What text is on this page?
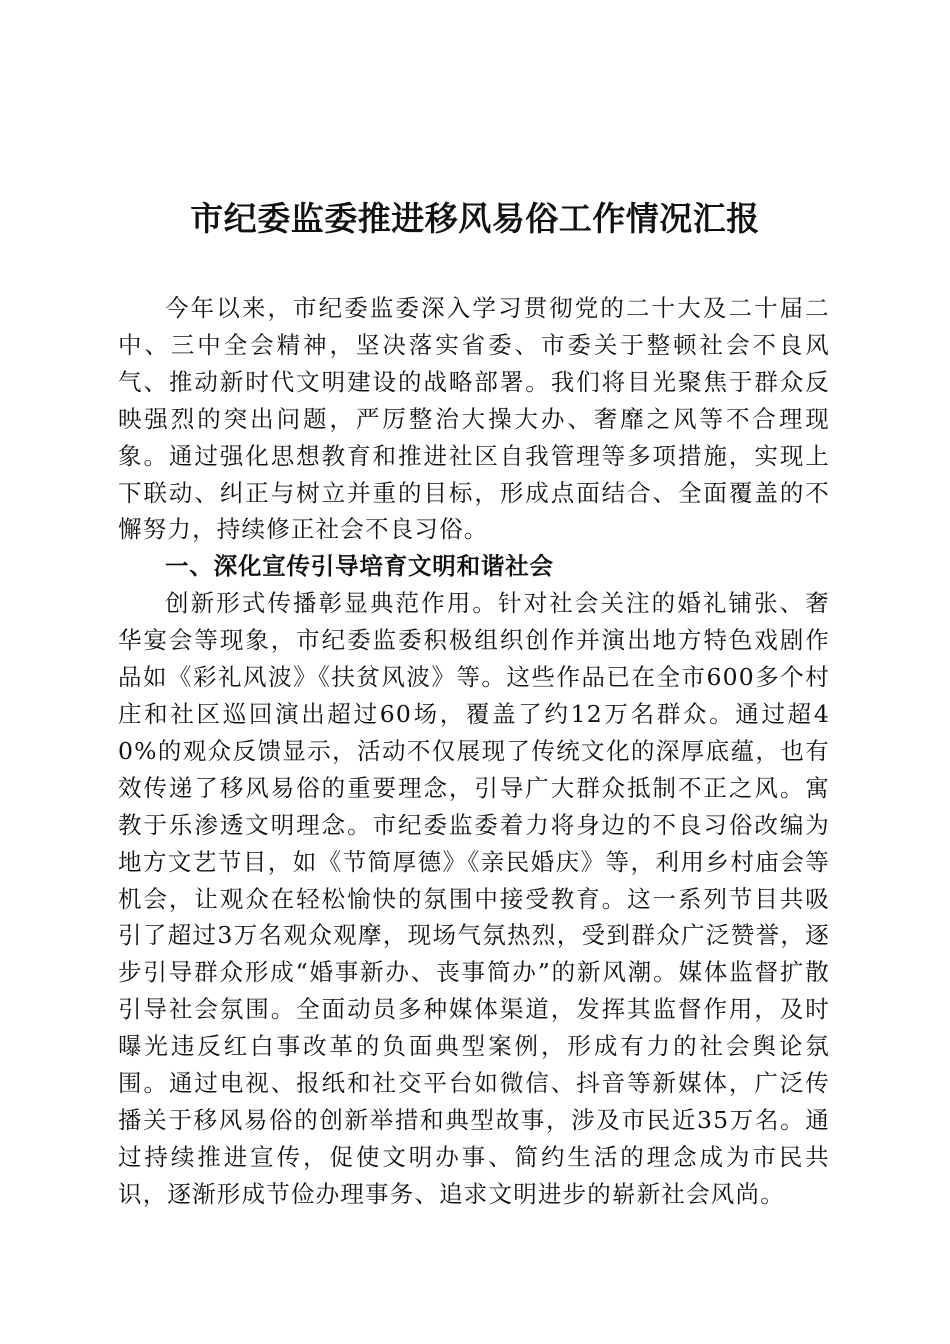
市纪委监委推进移风易俗工作情况汇报

今年以来，市纪委监委深入学习贯彻党的二十大及二十届二中、三中全会精神，坚决落实省委、市委关于整顿社会不良风气、推动新时代文明建设的战略部署。我们将目光聚焦于群众反映强烈的突出问题，严厉整治大操大办、奢靡之风等不合理现象。通过强化思想教育和推进社区自我管理等多项措施，实现上下联动、纠正与树立并重的目标，形成点面结合、全面覆盖的不懈努力，持续修正社会不良习俗。

一、深化宣传引导培育文明和谐社会

创新形式传播彰显典范作用。针对社会关注的婚礼铺张、奢华宴会等现象，市纪委监委积极组织创作并演出地方特色戏剧作品如《彩礼风波》《扶贫风波》等。这些作品已在全市600多个村庄和社区巡回演出超过60场，覆盖了约12万名群众。通过超40%的观众反馈显示，活动不仅展现了传统文化的深厚底蕴，也有效传递了移风易俗的重要理念，引导广大群众抵制不正之风。寓教于乐渗透文明理念。市纪委监委着力将身边的不良习俗改编为地方文艺节目，如《节简厚德》《亲民婚庆》等，利用乡村庙会等机会，让观众在轻松愉快的氛围中接受教育。这一系列节目共吸引了超过3万名观众观摩，现场气氛热烈，受到群众广泛赞誉，逐步引导群众形成“婚事新办、丧事简办”的新风潮。媒体监督扩散引导社会氛围。全面动员多种媒体渠道，发挥其监督作用，及时曝光违反红白事改革的负面典型案例，形成有力的社会舆论氛围。通过电视、报纸和社交平台如微信、抖音等新媒体，广泛传播关于移风易俗的创新举措和典型故事，涉及市民近35万名。通过持续推进宣传，促使文明办事、简约生活的理念成为市民共识，逐渐形成节俭办理事务、追求文明进步的崭新社会风尚。
